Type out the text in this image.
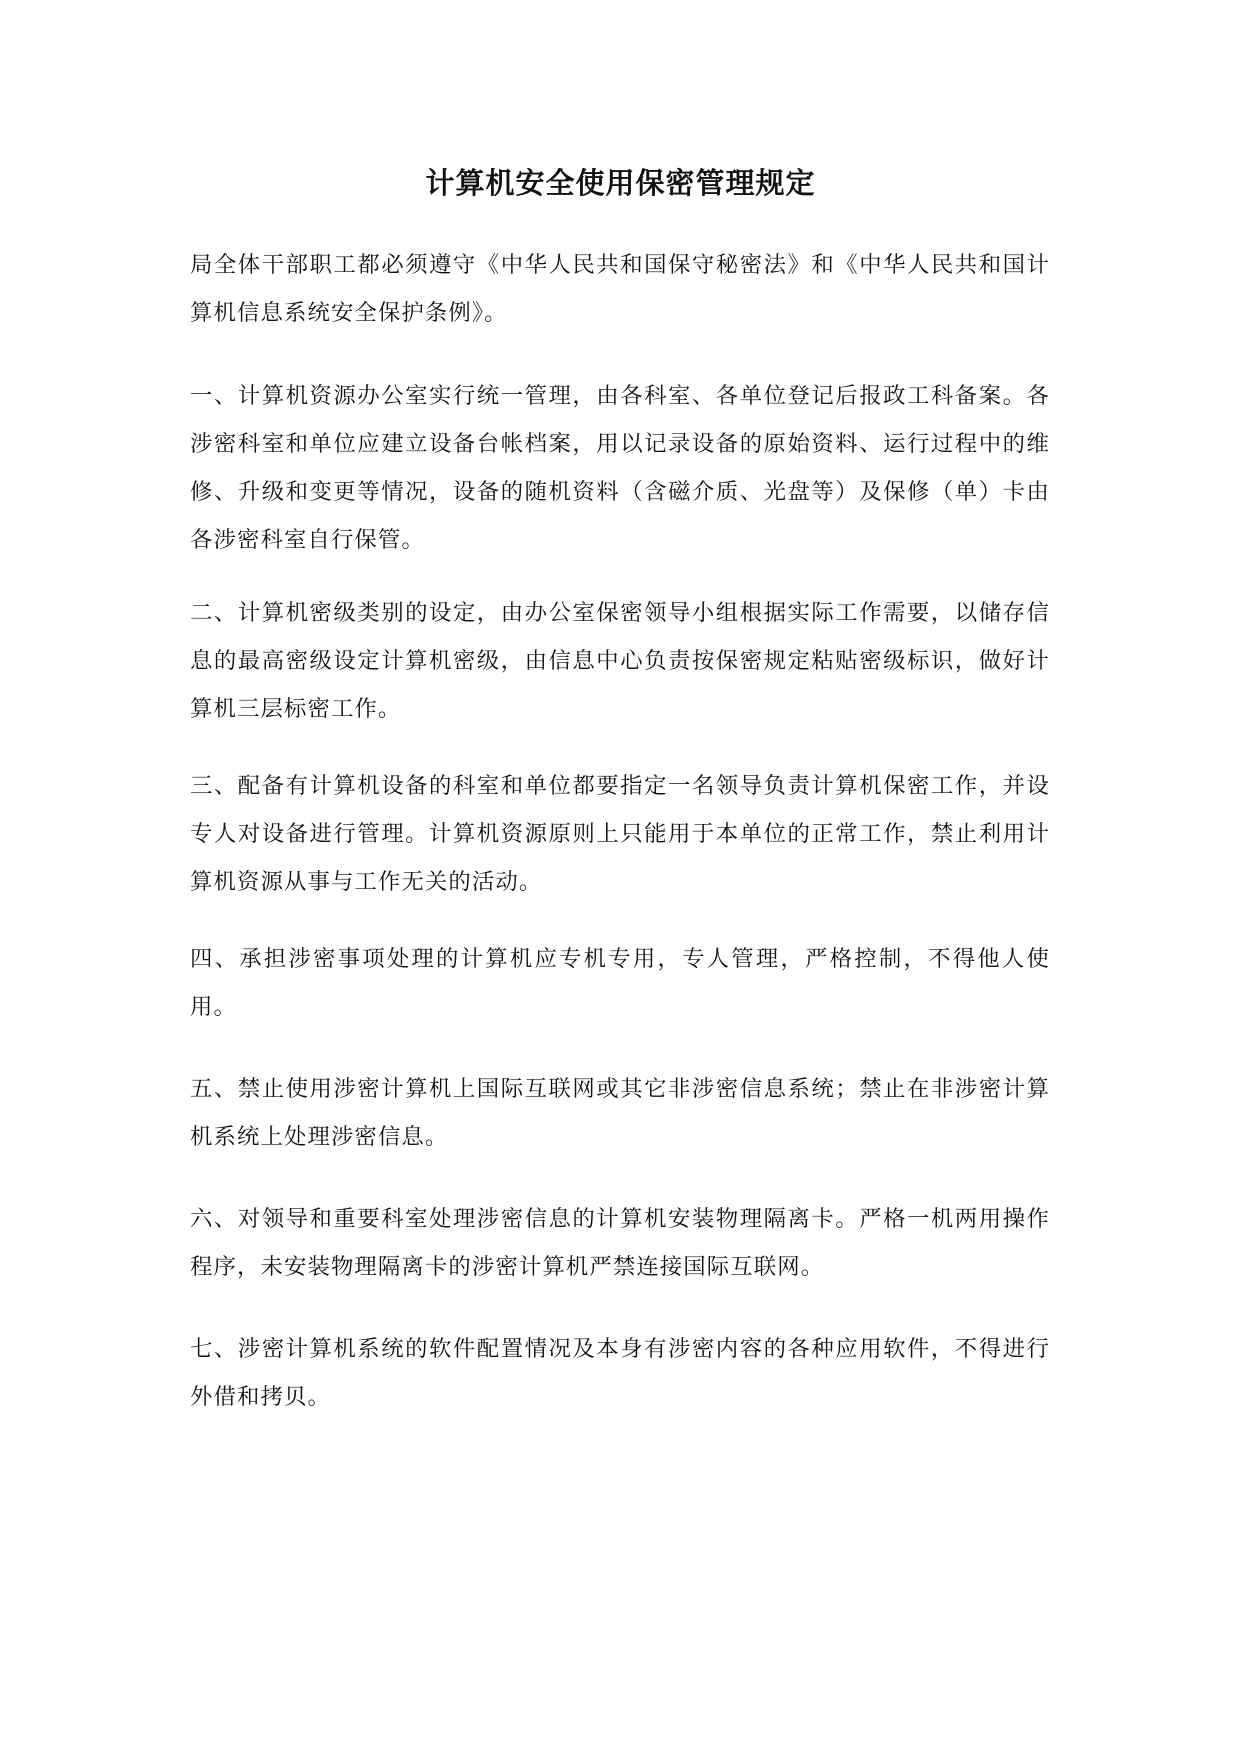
计算机安全使用保密管理规定
局全体干部职工都必须遵守《中华人民共和国保守秘密法》和《中华人民共和国计算机信息系统安全保护条例》。
一、计算机资源办公室实行统一管理，由各科室、各单位登记后报政工科备案。各涉密科室和单位应建立设备台帐档案，用以记录设备的原始资料、运行过程中的维修、升级和变更等情况，设备的随机资料（含磁介质、光盘等）及保修（单）卡由各涉密科室自行保管。
二、计算机密级类别的设定，由办公室保密领导小组根据实际工作需要，以储存信息的最高密级设定计算机密级，由信息中心负责按保密规定粘贴密级标识，做好计算机三层标密工作。
三、配备有计算机设备的科室和单位都要指定一名领导负责计算机保密工作，并设专人对设备进行管理。计算机资源原则上只能用于本单位的正常工作，禁止利用计算机资源从事与工作无关的活动。
四、承担涉密事项处理的计算机应专机专用，专人管理，严格控制，不得他人使用。
五、禁止使用涉密计算机上国际互联网或其它非涉密信息系统；禁止在非涉密计算机系统上处理涉密信息。
六、对领导和重要科室处理涉密信息的计算机安装物理隔离卡。严格一机两用操作程序，未安装物理隔离卡的涉密计算机严禁连接国际互联网。
七、涉密计算机系统的软件配置情况及本身有涉密内容的各种应用软件，不得进行外借和拷贝。
